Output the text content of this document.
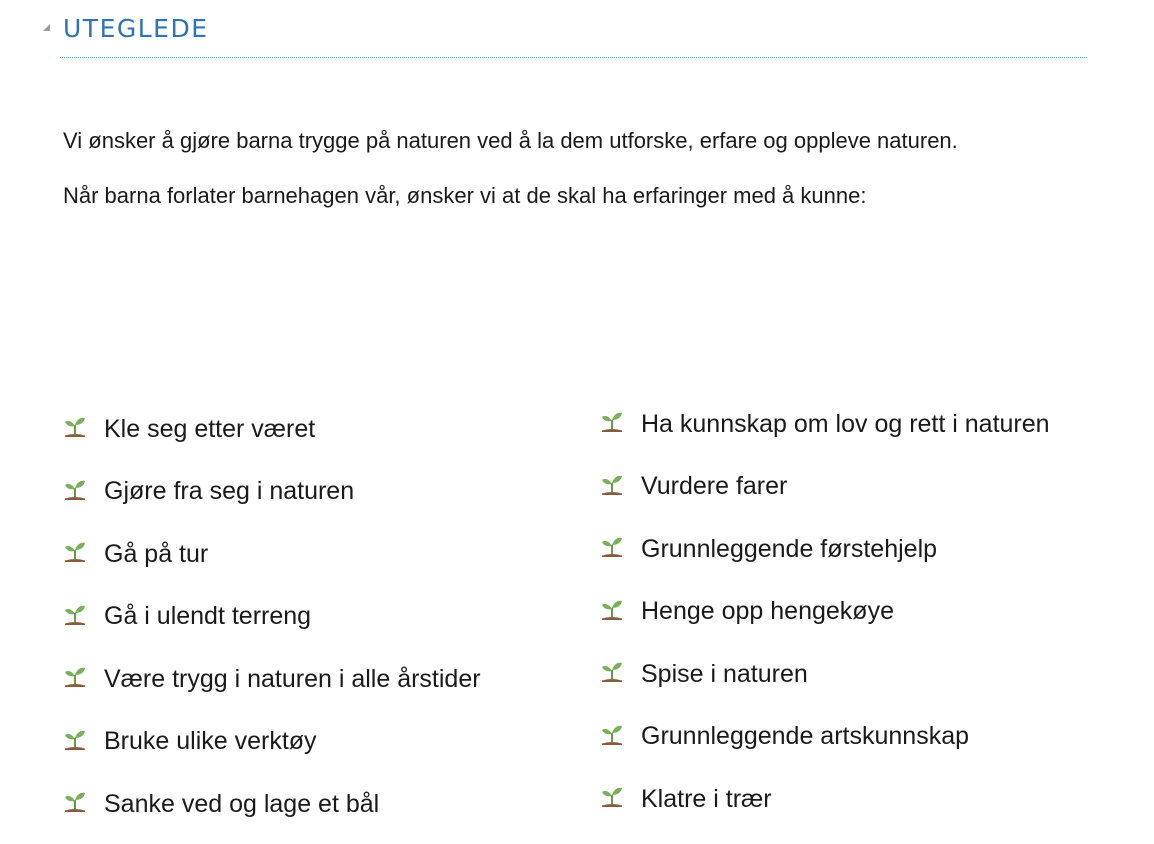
UTEGLEDE

Vi ønsker å gjøre barna trygge på naturen ved å la dem utforske, erfare og oppleve naturen.

Når barna forlater barnehagen vår, ønsker vi at de skal ha erfaringer med å kunne:

Kle seg etter været
Gjøre fra seg i naturen
Gå på tur
Gå i ulendt terreng
Være trygg i naturen i alle årstider
Bruke ulike verktøy
Sanke ved og lage et bål
Ha kunnskap om lov og rett i naturen
Vurdere farer
Grunnleggende førstehjelp
Henge opp hengekøye
Spise i naturen
Grunnleggende artskunnskap
Klatre i trær
